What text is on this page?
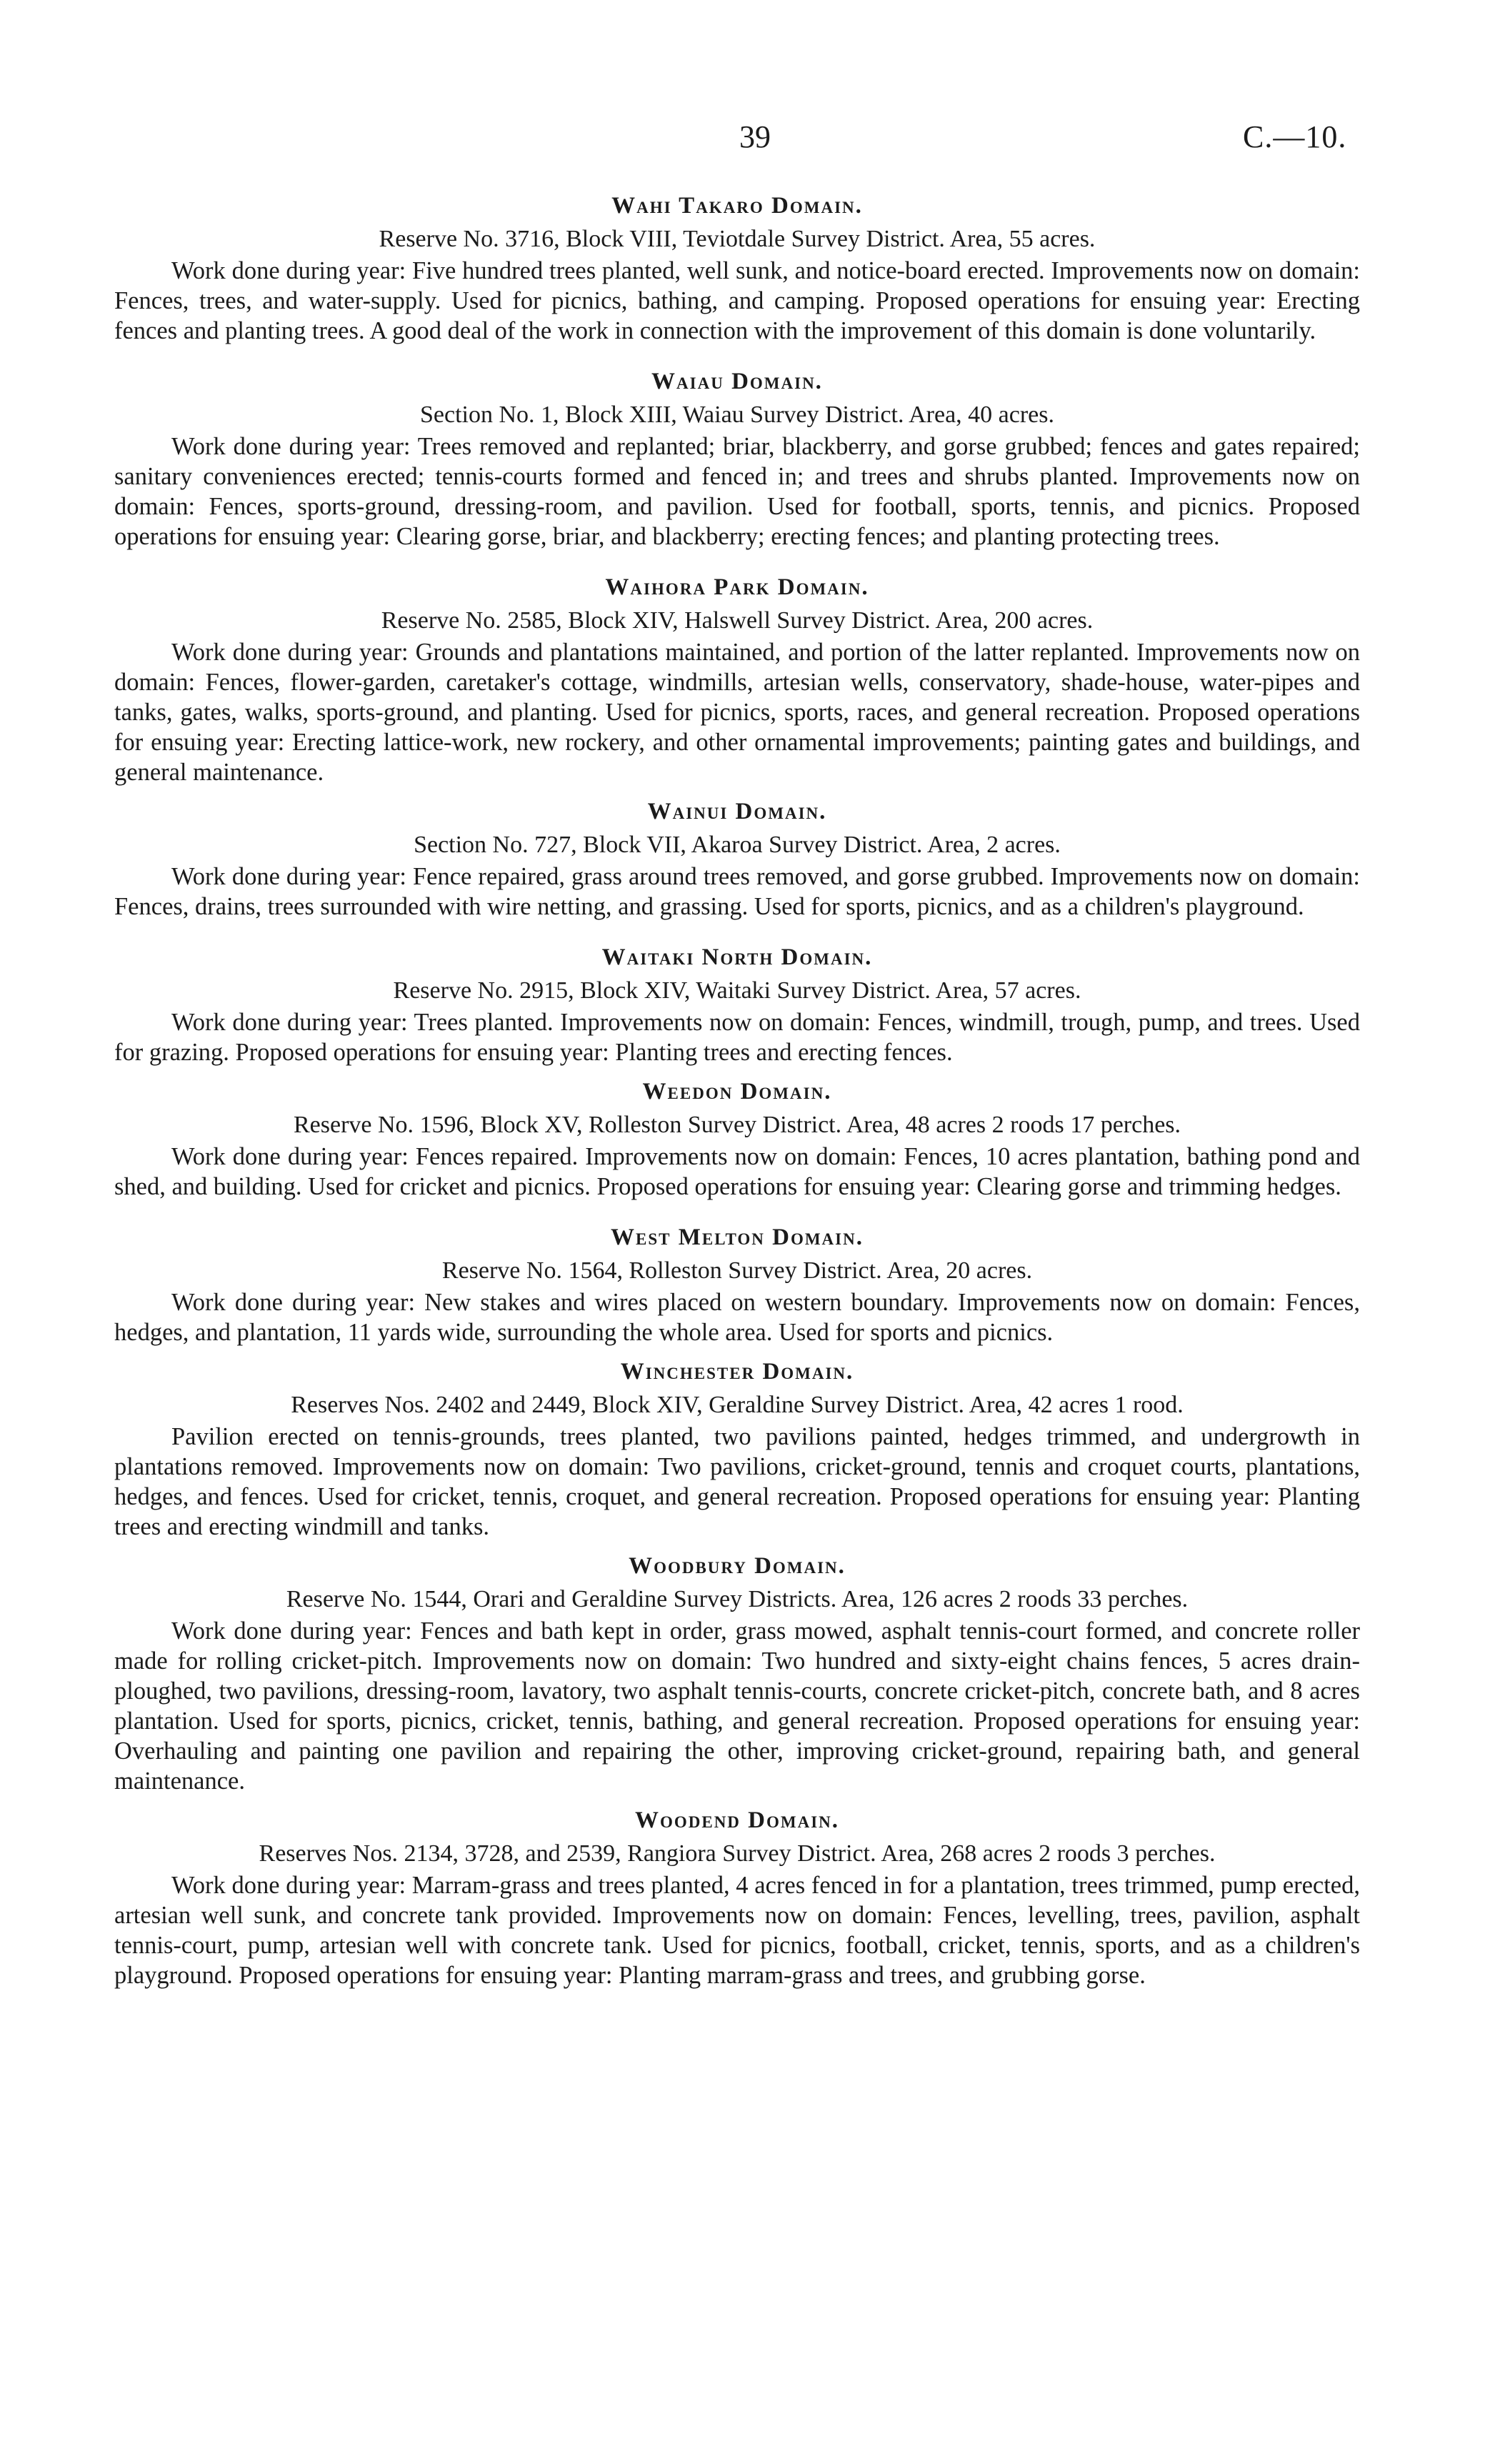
39	C.—10.
Wahi Takaro Domain.

Reserve No. 3716, Block VIII, Teviotdale Survey District. Area, 55 acres.

Work done during year: Five hundred trees planted, well sunk, and notice-board erected. Improvements now on domain: Fences, trees, and water-supply. Used for picnics, bathing, and camping. Proposed operations for ensuing year: Erecting fences and planting trees. A good deal of the work in connection with the improvement of this domain is done voluntarily.

Waiau Domain.

Section No. 1, Block XIII, Waiau Survey District. Area, 40 acres.

Work done during year: Trees removed and replanted; briar, blackberry, and gorse grubbed; fences and gates repaired; sanitary conveniences erected; tennis-courts formed and fenced in; and trees and shrubs planted. Improvements now on domain: Fences, sports-ground, dressing-room, and pavilion. Used for football, sports, tennis, and picnics. Proposed operations for ensuing year: Clearing gorse, briar, and blackberry; erecting fences; and planting protecting trees.

Waihora Park Domain.

Reserve No. 2585, Block XIV, Halswell Survey District. Area, 200 acres.

Work done during year: Grounds and plantations maintained, and portion of the latter replanted. Improvements now on domain: Fences, flower-garden, caretaker's cottage, windmills, artesian wells, conservatory, shade-house, water-pipes and tanks, gates, walks, sports-ground, and planting. Used for picnics, sports, races, and general recreation. Proposed operations for ensuing year: Erecting lattice-work, new rockery, and other ornamental improvements; painting gates and buildings, and general maintenance.

Wainui Domain.

Section No. 727, Block VII, Akaroa Survey District. Area, 2 acres.

Work done during year: Fence repaired, grass around trees removed, and gorse grubbed. Improvements now on domain: Fences, drains, trees surrounded with wire netting, and grassing. Used for sports, picnics, and as a children's playground.

Waitaki North Domain.

Reserve No. 2915, Block XIV, Waitaki Survey District. Area, 57 acres.

Work done during year: Trees planted. Improvements now on domain: Fences, windmill, trough, pump, and trees. Used for grazing. Proposed operations for ensuing year: Planting trees and erecting fences.

Weedon Domain.

Reserve No. 1596, Block XV, Rolleston Survey District. Area, 48 acres 2 roods 17 perches.

Work done during year: Fences repaired. Improvements now on domain: Fences, 10 acres plantation, bathing pond and shed, and building. Used for cricket and picnics. Proposed operations for ensuing year: Clearing gorse and trimming hedges.

West Melton Domain.

Reserve No. 1564, Rolleston Survey District. Area, 20 acres.

Work done during year: New stakes and wires placed on western boundary. Improvements now on domain: Fences, hedges, and plantation, 11 yards wide, surrounding the whole area. Used for sports and picnics.

Winchester Domain.

Reserves Nos. 2402 and 2449, Block XIV, Geraldine Survey District. Area, 42 acres 1 rood.

Pavilion erected on tennis-grounds, trees planted, two pavilions painted, hedges trimmed, and undergrowth in plantations removed. Improvements now on domain: Two pavilions, cricket-ground, tennis and croquet courts, plantations, hedges, and fences. Used for cricket, tennis, croquet, and general recreation. Proposed operations for ensuing year: Planting trees and erecting windmill and tanks.

Woodbury Domain.

Reserve No. 1544, Orari and Geraldine Survey Districts. Area, 126 acres 2 roods 33 perches.

Work done during year: Fences and bath kept in order, grass mowed, asphalt tennis-court formed, and concrete roller made for rolling cricket-pitch. Improvements now on domain: Two hundred and sixty-eight chains fences, 5 acres drain-ploughed, two pavilions, dressing-room, lavatory, two asphalt tennis-courts, concrete cricket-pitch, concrete bath, and 8 acres plantation. Used for sports, picnics, cricket, tennis, bathing, and general recreation. Proposed operations for ensuing year: Overhauling and painting one pavilion and repairing the other, improving cricket-ground, repairing bath, and general maintenance.

Woodend Domain.

Reserves Nos. 2134, 3728, and 2539, Rangiora Survey District. Area, 268 acres 2 roods 3 perches.

Work done during year: Marram-grass and trees planted, 4 acres fenced in for a plantation, trees trimmed, pump erected, artesian well sunk, and concrete tank provided. Improvements now on domain: Fences, levelling, trees, pavilion, asphalt tennis-court, pump, artesian well with concrete tank. Used for picnics, football, cricket, tennis, sports, and as a children's playground. Proposed operations for ensuing year: Planting marram-grass and trees, and grubbing gorse.
